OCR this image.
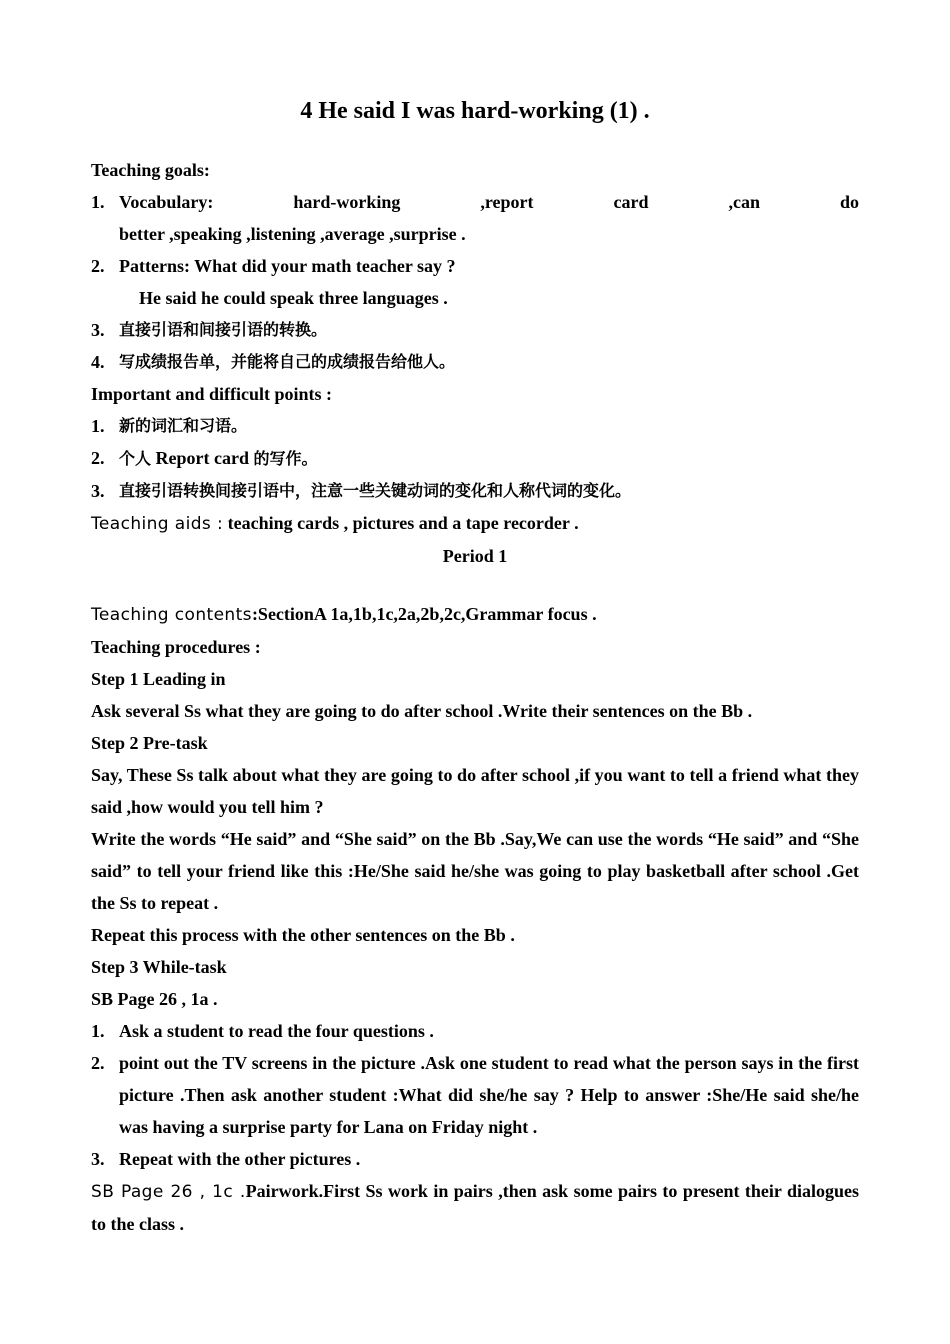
4 He said I was hard-working (1) .

Teaching goals:

1. Vocabulary:	hard-working	,report	card	,can	do
better ,speaking ,listening ,average ,surprise .
2. Patterns: What did your math teacher say ?

He said he could speak three languages .

3. 直接引语和间接引语的转换。
4. 写成绩报告单，并能将自己的成绩报告给他人。

Important and difficult points :

1. 新的词汇和习语。
2. 个人 Report card 的写作。
3. 直接引语转换间接引语中，注意一些关键动词的变化和人称代词的变化。

Teaching aids : teaching cards , pictures and a tape recorder .

Period 1

Teaching contents:SectionA 1a,1b,1c,2a,2b,2c,Grammar focus .

Teaching procedures :

Step 1 Leading in

Ask several Ss what they are going to do after school .Write their sentences on the Bb .

Step 2 Pre-task

Say, These Ss talk about what they are going to do after school ,if you want to tell a friend what they said ,how would you tell him ?

Write the words “He said” and “She said” on the Bb .Say,We can use the words “He said” and “She said” to tell your friend like this :He/She said he/she was going to play basketball after school .Get the Ss to repeat .

Repeat this process with the other sentences on the Bb .

Step 3 While-task

SB Page 26 , 1a .

1. Ask a student to read the four questions .
2. point out the TV screens in the picture .Ask one student to read what the person says in the first picture .Then ask another student :What did she/he say ? Help to answer :She/He said she/he was having a surprise party for Lana on Friday night .
3. Repeat with the other pictures .

SB Page 26 , 1c .Pairwork.First Ss work in pairs ,then ask some pairs to present their dialogues to the class .
